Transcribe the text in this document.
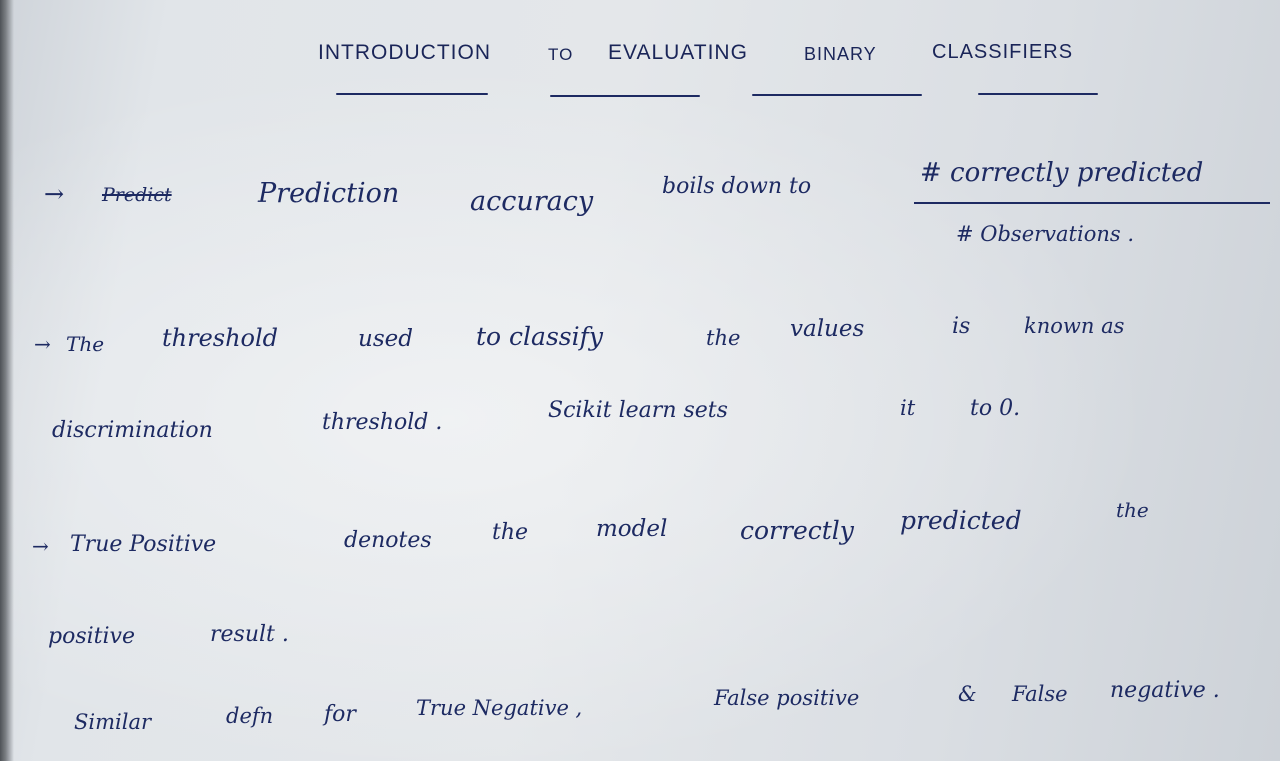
INTRODUCTION	TO EVALUATING	BINARY	CLASSIFIERS
→ Predict	Prediction	accuracy	boils down to	# correctly predicted
# Observations .
→ The threshold	used	to classify	the values	is	known as
discrimination	threshold .	Scikit learn sets	it to 0.
→ True Positive	denotes	the	model	correctly predicted	the
positive	result .
Similar	defn for	True Negative ,	False positive	& False negative .
